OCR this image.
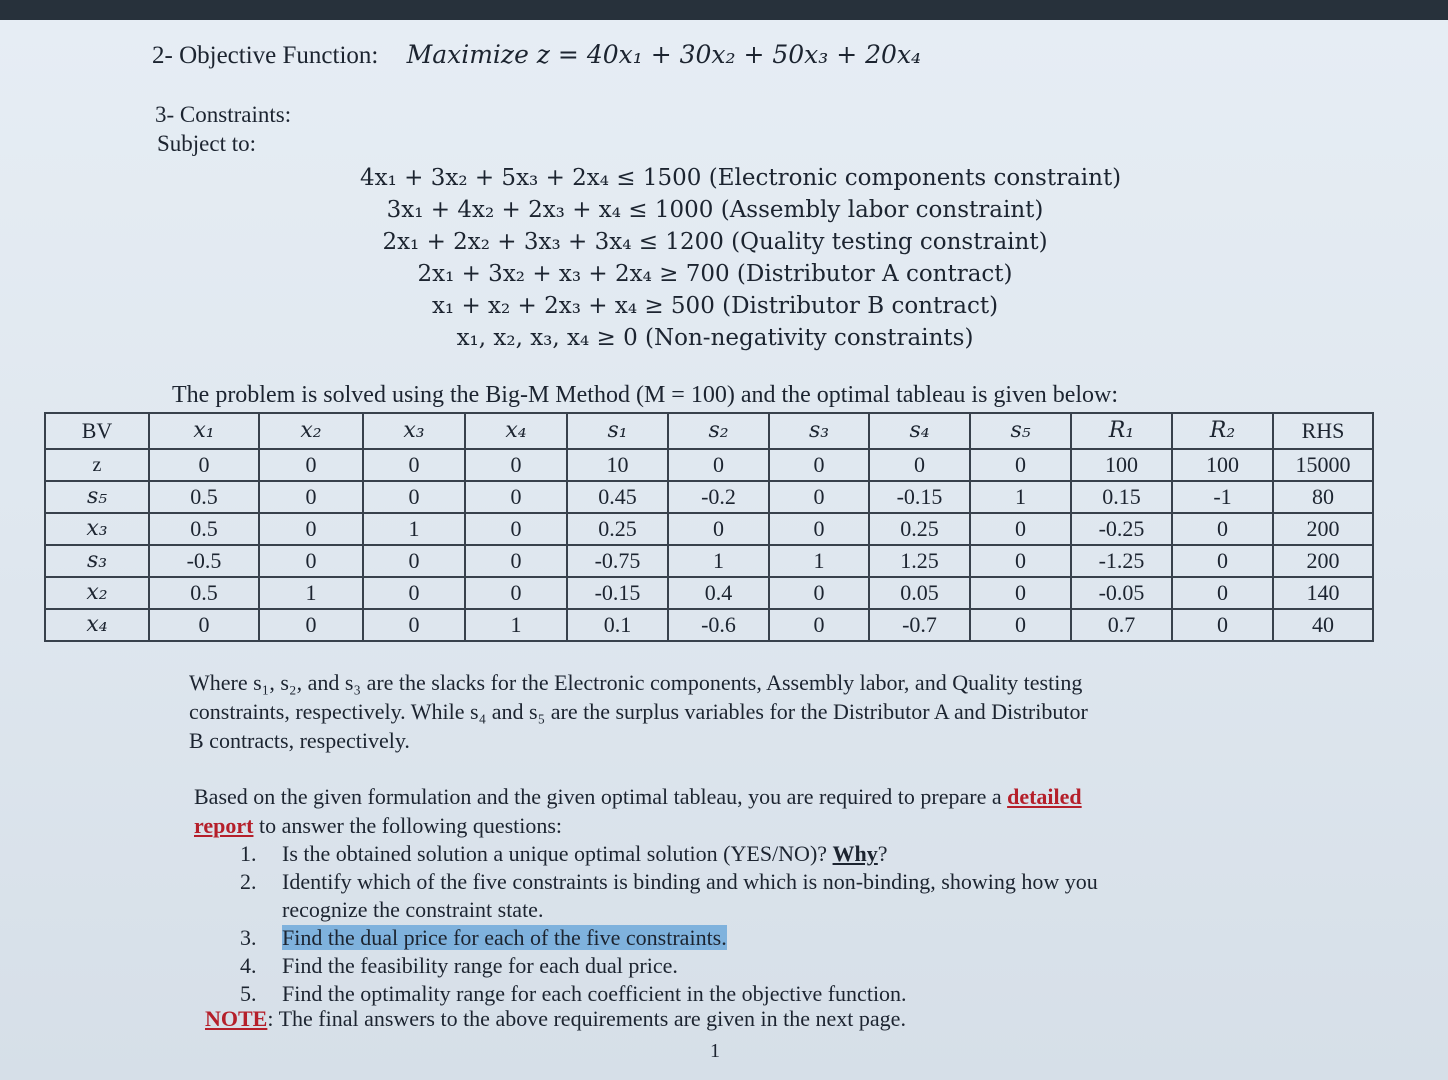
2- Objective Function: Maximize z = 40x₁ + 30x₂ + 50x₃ + 20x₄
3- Constraints:
Subject to:
4x₁ + 3x₂ + 5x₃ + 2x₄ ≤ 1500 (Electronic components constraint)
3x₁ + 4x₂ + 2x₃ + x₄ ≤ 1000 (Assembly labor constraint)
2x₁ + 2x₂ + 3x₃ + 3x₄ ≤ 1200 (Quality testing constraint)
2x₁ + 3x₂ + x₃ + 2x₄ ≥ 700 (Distributor A contract)
x₁ + x₂ + 2x₃ + x₄ ≥ 500 (Distributor B contract)
x₁, x₂, x₃, x₄ ≥ 0 (Non-negativity constraints)
The problem is solved using the Big-M Method (M = 100) and the optimal tableau is given below:
BV	x₁	x₂	x₃	x₄	s₁	s₂	s₃	s₄	s₅	R₁	R₂	RHS
z	0	0	0	0	10	0	0	0	0	100	100	15000
s₅	0.5	0	0	0	0.45	-0.2	0	-0.15	1	0.15	-1	80
x₃	0.5	0	1	0	0.25	0	0	0.25	0	-0.25	0	200
s₃	-0.5	0	0	0	-0.75	1	1	1.25	0	-1.25	0	200
x₂	0.5	1	0	0	-0.15	0.4	0	0.05	0	-0.05	0	140
x₄	0	0	0	1	0.1	-0.6	0	-0.7	0	0.7	0	40
Where s₁, s₂, and s₃ are the slacks for the Electronic components, Assembly labor, and Quality testing
constraints, respectively. While s₄ and s₅ are the surplus variables for the Distributor A and Distributor
B contracts, respectively.
Based on the given formulation and the given optimal tableau, you are required to prepare a detailed
report to answer the following questions:
1. Is the obtained solution a unique optimal solution (YES/NO)? Why?
2. Identify which of the five constraints is binding and which is non-binding, showing how you
recognize the constraint state.
3. Find the dual price for each of the five constraints.
4. Find the feasibility range for each dual price.
5. Find the optimality range for each coefficient in the objective function.
NOTE: The final answers to the above requirements are given in the next page.
1
